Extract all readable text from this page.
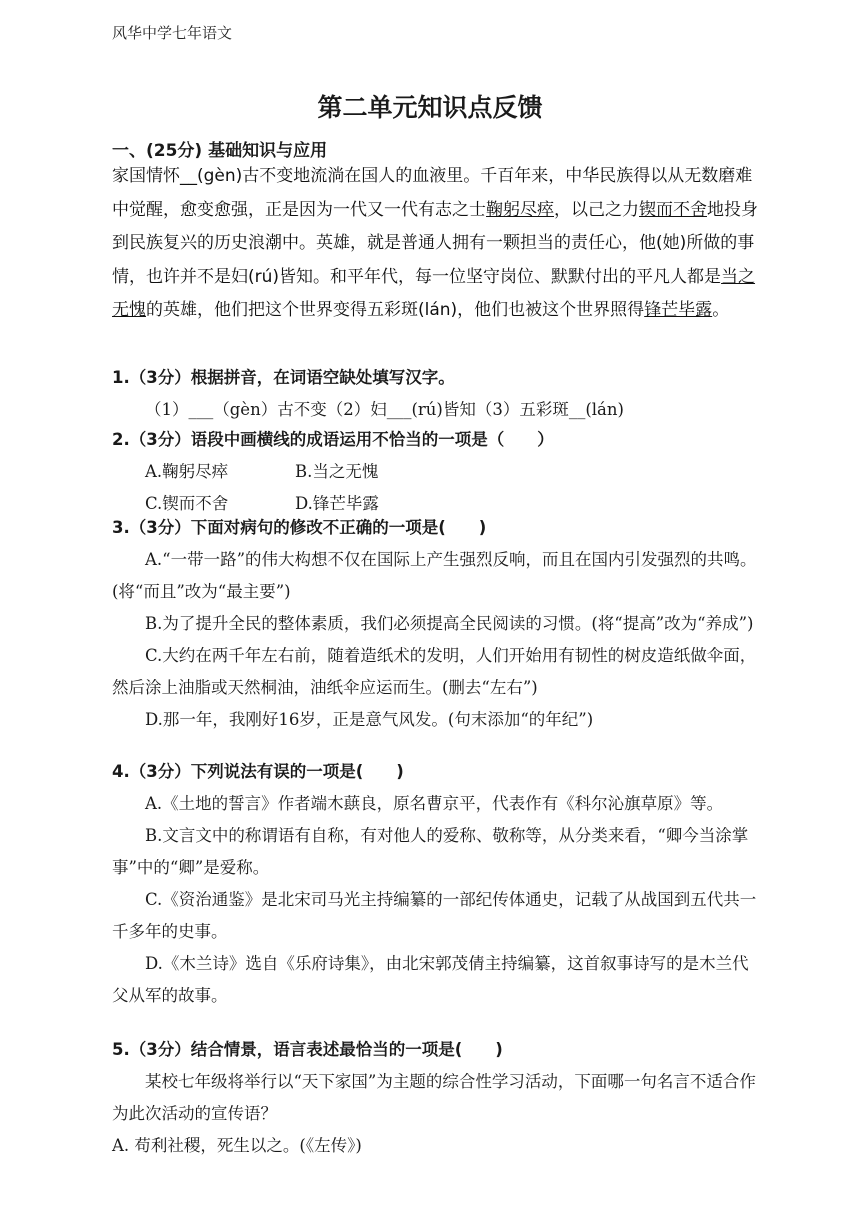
风华中学七年语文
第二单元知识点反馈
一、(25分) 基础知识与应用
家国情怀__(gèn)古不变地流淌在国人的血液里。千百年来，中华民族得以从无数磨难中觉醒，愈变愈强，正是因为一代又一代有志之士鞠躬尽瘁，以己之力锲而不舍地投身到民族复兴的历史浪潮中。英雄，就是普通人拥有一颗担当的责任心，他(她)所做的事情，也许并不是妇(rú)皆知。和平年代，每一位坚守岗位、默默付出的平凡人都是当之无愧的英雄，他们把这个世界变得五彩斑(lán)，他们也被这个世界照得锋芒毕露。
1.（3分）根据拼音，在词语空缺处填写汉字。
（1）___（gèn）古不变（2）妇___(rú)皆知（3）五彩斑__(lán)
2.（3分）语段中画横线的成语运用不恰当的一项是（　　）
A.鞠躬尽瘁	B.当之无愧
C.锲而不舍	D.锋芒毕露
3.（3分）下面对病句的修改不正确的一项是(　　)
A.“一带一路”的伟大构想不仅在国际上产生强烈反响，而且在国内引发强烈的共鸣。(将“而且”改为“最主要”)
B.为了提升全民的整体素质，我们必须提高全民阅读的习惯。(将“提高”改为“养成”)
C.大约在两千年左右前，随着造纸术的发明，人们开始用有韧性的树皮造纸做伞面，然后涂上油脂或天然桐油，油纸伞应运而生。(删去“左右”)
D.那一年，我刚好16岁，正是意气风发。(句末添加“的年纪”)
4.（3分）下列说法有误的一项是(　　)
A.《土地的誓言》作者端木蕻良，原名曹京平，代表作有《科尔沁旗草原》等。
B.文言文中的称谓语有自称，有对他人的爱称、敬称等，从分类来看，“卿今当涂掌事”中的“卿”是爱称。
C.《资治通鉴》是北宋司马光主持编纂的一部纪传体通史，记载了从战国到五代共一千多年的史事。
D.《木兰诗》选自《乐府诗集》，由北宋郭茂倩主持编纂，这首叙事诗写的是木兰代父从军的故事。
5.（3分）结合情景，语言表述最恰当的一项是(　　)
某校七年级将举行以“天下家国”为主题的综合性学习活动，下面哪一句名言不适合作为此次活动的宣传语？
A. 苟利社稷，死生以之。(《左传》)
